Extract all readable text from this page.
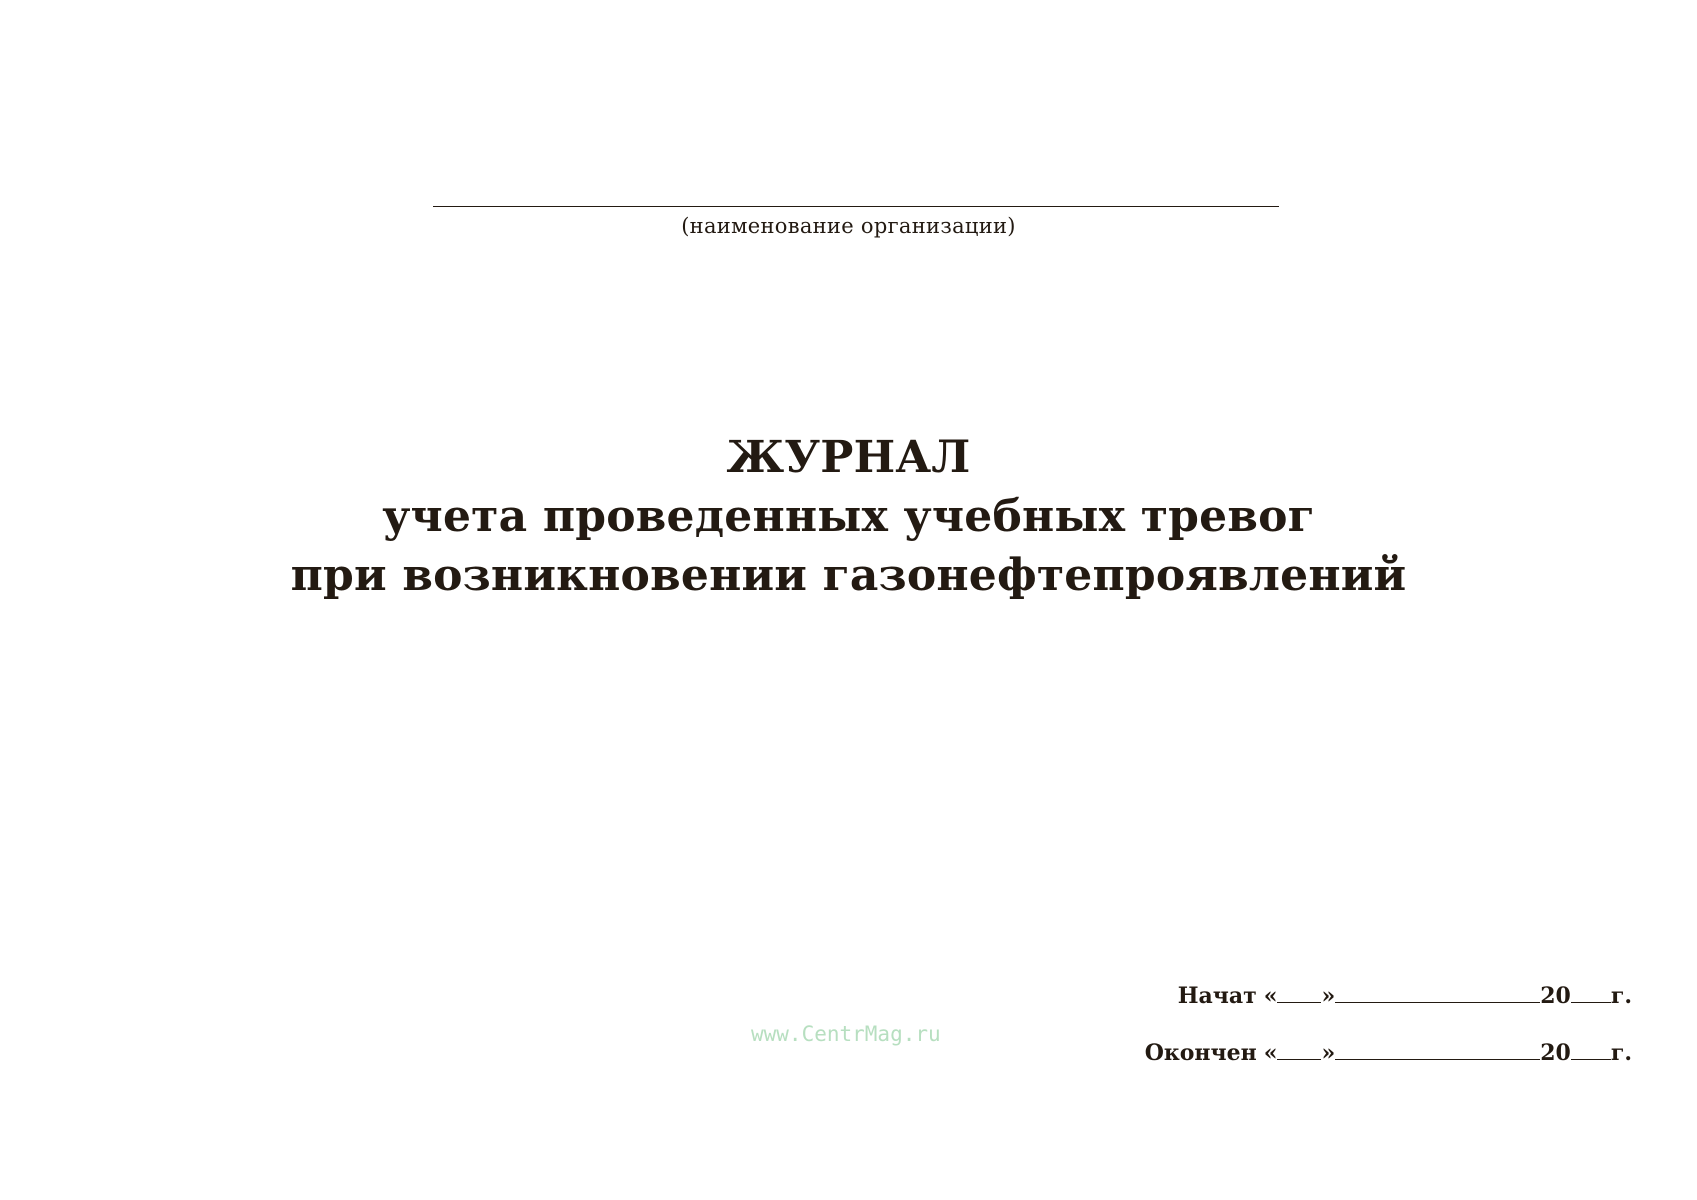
(наименование организации)
ЖУРНАЛ
учета проведенных учебных тревог
при возникновении газонефтепроявлений
www.CentrMag.ru
Начат « »	20 г.
Окончен « »	20 г.
